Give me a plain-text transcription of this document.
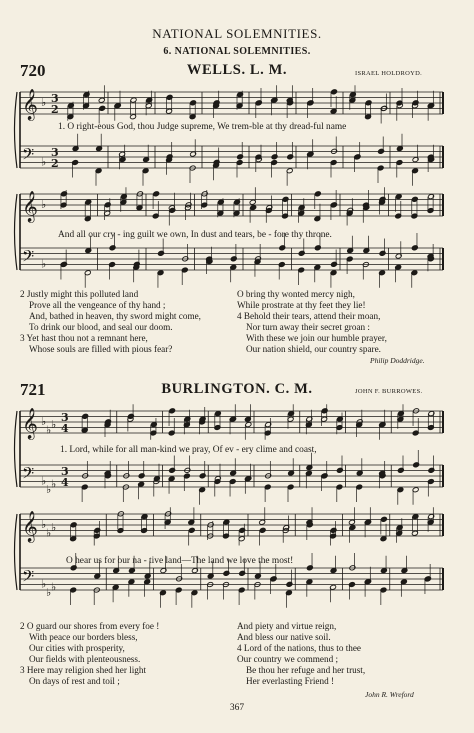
NATIONAL SOLEMNITIES.
6. NATIONAL SOLEMNITIES.
720	WELLS. L. M.	ISRAEL HOLDROYD.
𝄞 ♭ 3
2
𝄢 ♭
3
2
1. O right-eous God, thou Judge supreme, We trem-ble at thy dread-ful name
𝄞 ♭
𝄢 ♭
And all our cry - ing guilt we own, In dust and tears, be - fore thy throne.
2 Justly might this polluted land
Prove all the vengeance of thy hand ;
And, bathed in heaven, thy sword might come,
To drink our blood, and seal our doom.
3 Yet hast thou not a remnant here,
Whose souls are filled with pious fear?
O bring thy wonted mercy nigh,
While prostrate at thy feet they lie!
4 Behold their tears, attend their moan,
Nor turn away their secret groan :
With these we join our humble prayer,
Our nation shield, our country spare.
Philip Doddridge.
721	BURLINGTON. C. M.	JOHN F. BURROWES.
𝄞 ♭
♭ ♭
3
4
𝄢 ♭
♭ ♭
3
4
1. Lord, while for all man-kind we pray, Of ev - ery clime and coast,
𝄞 ♭
♭ ♭
𝄢 ♭
♭ ♭
O hear us for our na - tive land—The land we love the most!
2 O guard our shores from every foe !
With peace our borders bless,
Our cities with prosperity,
Our fields with plenteousness.
3 Here may religion shed her light
On days of rest and toil ;
And piety and virtue reign,
And bless our native soil.
4 Lord of the nations, thus to thee
Our country we commend ;
Be thou her refuge and her trust,
Her everlasting Friend !
John R. Wreford
367
